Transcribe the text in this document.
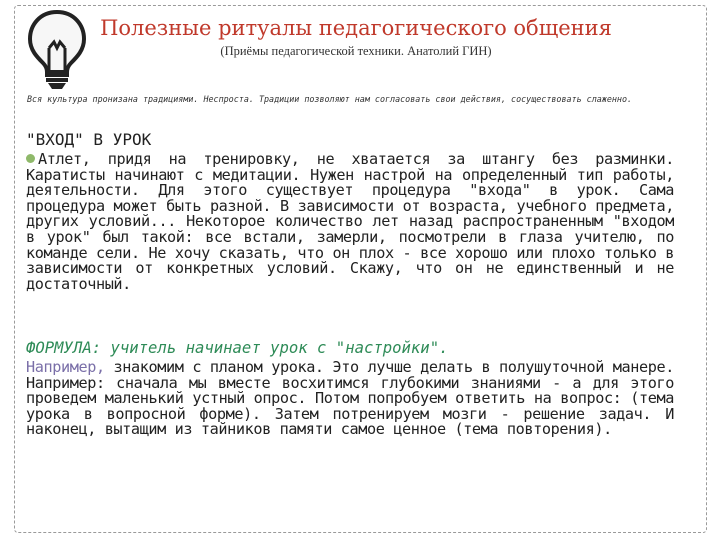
Полезные ритуалы педагогического общения
(Приёмы педагогической техники. Анатолий ГИН)
Вся культура пронизана традициями. Неспроста. Традиции позволяют нам согласовать свои действия, сосуществовать слаженно.
"ВХОД" В УРОК
Атлет, придя на тренировку, не хватается за штангу без разминки. Каратисты начинают с медитации. Нужен настрой на определенный тип работы, деятельности. Для этого существует процедура "входа" в урок. Сама процедура может быть разной. В зависимости от возраста, учебного предмета, других условий... Некоторое количество лет назад распространенным "входом в урок" был такой: все встали, замерли, посмотрели в глаза учителю, по команде сели. Не хочу сказать, что он плох - все хорошо или плохо только в зависимости от конкретных условий. Скажу, что он не единственный и не достаточный.
ФОРМУЛА: учитель начинает урок с "настройки".
Например, знакомим с планом урока. Это лучше делать в полушуточной манере. Например: сначала мы вместе восхитимся глубокими знаниями - а для этого проведем маленький устный опрос. Потом попробуем ответить на вопрос: (тема урока в вопросной форме). Затем потренируем мозги - решение задач. И наконец, вытащим из тайников памяти самое ценное (тема повторения).
